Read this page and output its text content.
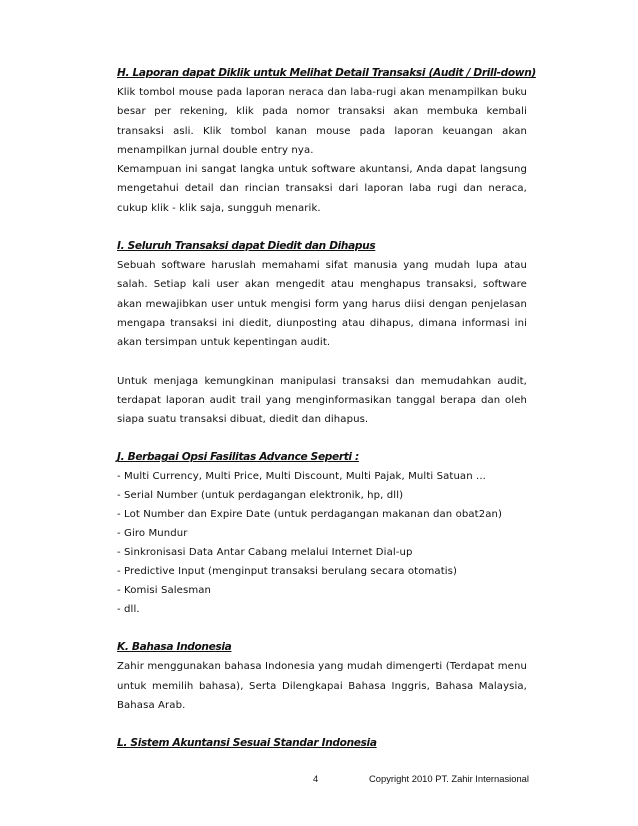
H. Laporan dapat Diklik untuk Melihat Detail Transaksi (Audit / Drill-down)

Klik tombol mouse pada laporan neraca dan laba-rugi akan menampilkan buku besar per rekening, klik pada nomor transaksi akan membuka kembali transaksi asli. Klik tombol kanan mouse pada laporan keuangan akan menampilkan jurnal double entry nya.

Kemampuan ini sangat langka untuk software akuntansi, Anda dapat langsung mengetahui detail dan rincian transaksi dari laporan laba rugi dan neraca, cukup klik - klik saja, sungguh menarik.

I. Seluruh Transaksi dapat Diedit dan Dihapus

Sebuah software haruslah memahami sifat manusia yang mudah lupa atau salah. Setiap kali user akan mengedit atau menghapus transaksi, software akan mewajibkan user untuk mengisi form yang harus diisi dengan penjelasan mengapa transaksi ini diedit, diunposting atau dihapus, dimana informasi ini akan tersimpan untuk kepentingan audit.

Untuk menjaga kemungkinan manipulasi transaksi dan memudahkan audit, terdapat laporan audit trail yang menginformasikan tanggal berapa dan oleh siapa suatu transaksi dibuat, diedit dan dihapus.

J. Berbagai Opsi Fasilitas Advance Seperti :

- Multi Currency, Multi Price, Multi Discount, Multi Pajak, Multi Satuan ...
- Serial Number (untuk perdagangan elektronik, hp, dll)
- Lot Number dan Expire Date (untuk perdagangan makanan dan obat2an)
- Giro Mundur
- Sinkronisasi Data Antar Cabang melalui Internet Dial-up
- Predictive Input (menginput transaksi berulang secara otomatis)
- Komisi Salesman
- dll.

K. Bahasa Indonesia

Zahir menggunakan bahasa Indonesia yang mudah dimengerti (Terdapat menu untuk memilih bahasa), Serta Dilengkapai Bahasa Inggris, Bahasa Malaysia, Bahasa Arab.

L. Sistem Akuntansi Sesuai Standar Indonesia

4	Copyright 2010 PT. Zahir Internasional
